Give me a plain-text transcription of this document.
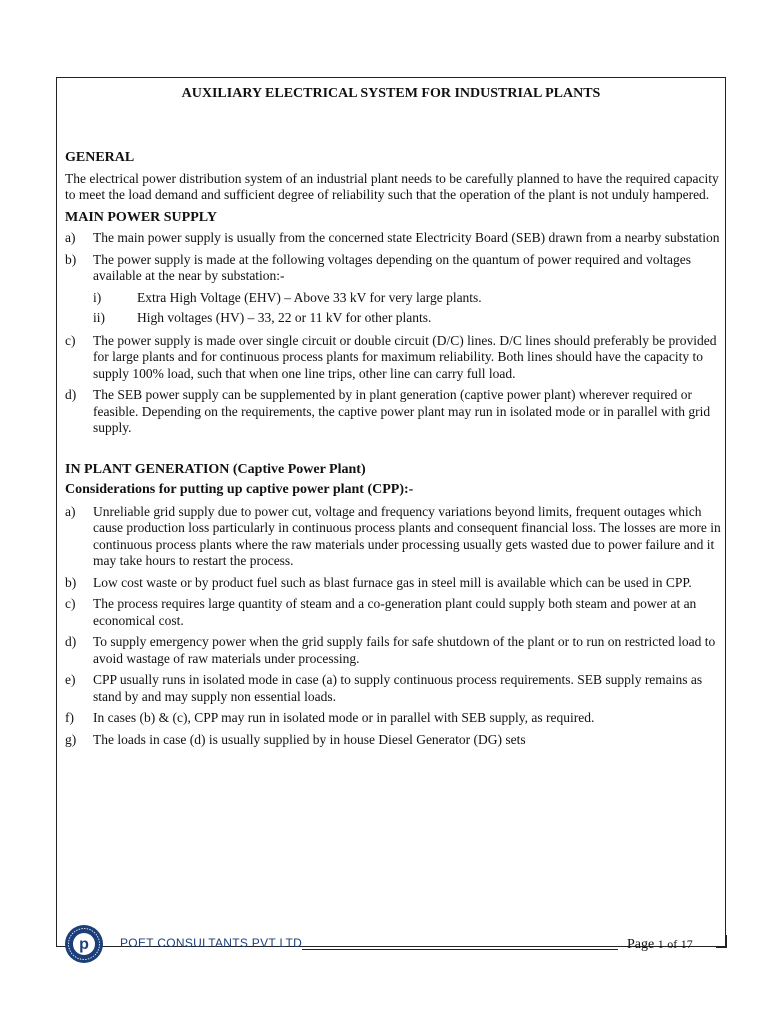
AUXILIARY ELECTRICAL SYSTEM FOR INDUSTRIAL PLANTS
GENERAL
The electrical power distribution system of an industrial plant needs to be carefully planned to have the required capacity to meet the load demand and sufficient degree of reliability such that the operation of the plant is not unduly hampered.
MAIN POWER SUPPLY
a) The main power supply is usually from the concerned state Electricity Board (SEB) drawn from a nearby substation
b) The power supply is made at the following voltages depending on the quantum of power required and voltages available at the near by substation:-
i)	Extra High Voltage (EHV) – Above 33 kV for very large plants.
ii) High voltages (HV) – 33, 22 or 11 kV for other plants.
c) The power supply is made over single circuit or double circuit (D/C) lines. D/C lines should preferably be provided for large plants and for continuous process plants for maximum reliability. Both lines should have the capacity to supply 100% load, such that when one line trips, other line can carry full load.
d) The SEB power supply can be supplemented by in plant generation (captive power plant) wherever required or feasible. Depending on the requirements, the captive power plant may run in isolated mode or in parallel with grid supply.
IN PLANT GENERATION (Captive Power Plant)
Considerations for putting up captive power plant (CPP):-
a) Unreliable grid supply due to power cut, voltage and frequency variations beyond limits, frequent outages which cause production loss particularly in continuous process plants and consequent financial loss. The losses are more in continuous process plants where the raw materials under processing usually gets wasted due to power failure and it may take hours to restart the process.
b) Low cost waste or by product fuel such as blast furnace gas in steel mill is available which can be used in CPP.
c) The process requires large quantity of steam and a co-generation plant could supply both steam and power at an economical cost.
d) To supply emergency power when the grid supply fails for safe shutdown of the plant or to run on restricted load to avoid wastage of raw materials under processing.
e) CPP usually runs in isolated mode in case (a) to supply continuous process requirements. SEB supply remains as stand by and may supply non essential loads.
f) In cases (b) & (c), CPP may run in isolated mode or in parallel with SEB supply, as required.
g) The loads in case (d) is usually supplied by in house Diesel Generator (DG) sets
p	POET CONSULTANTS PVT LTD	Page 1 of 17
